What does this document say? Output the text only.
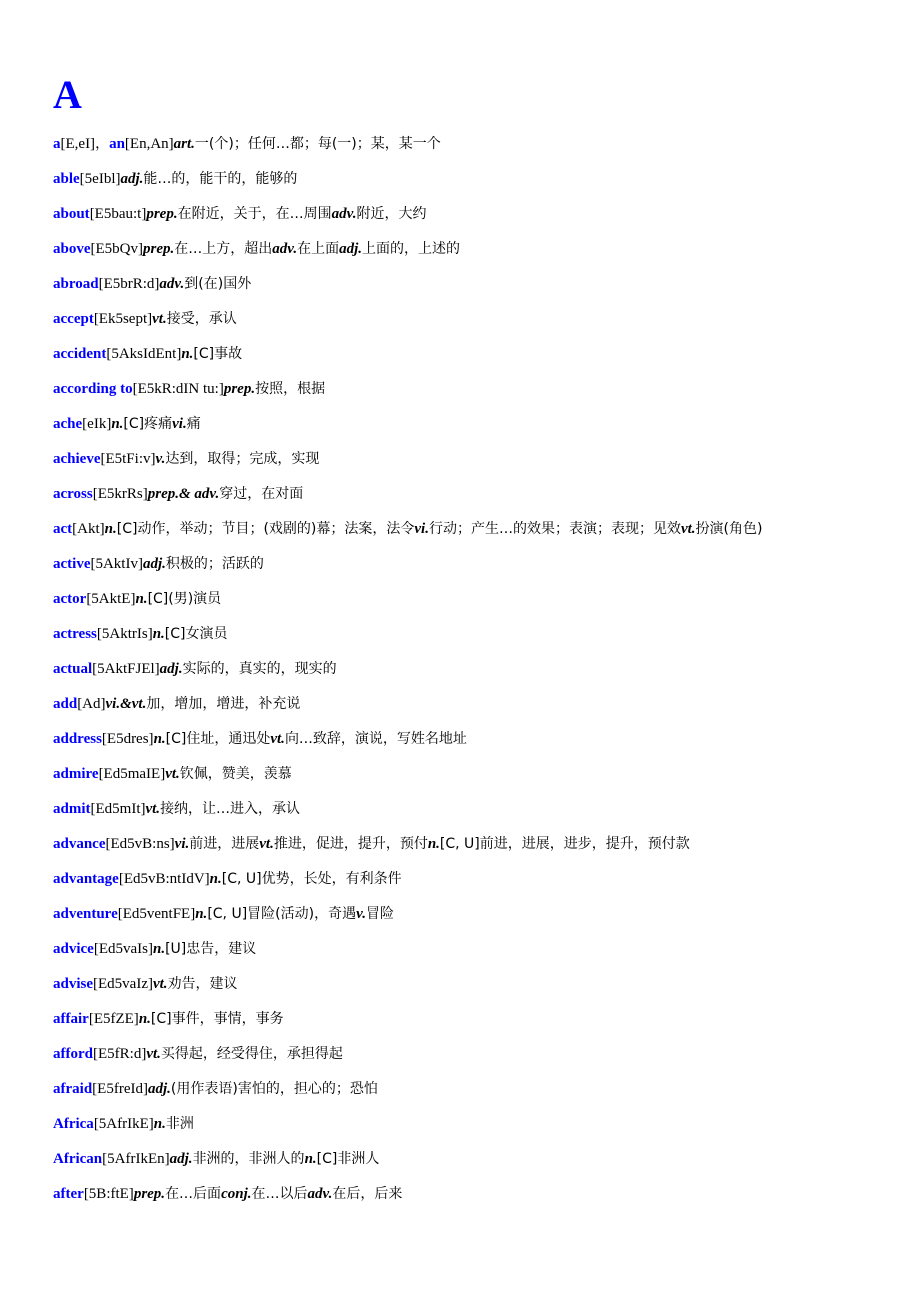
A
a[E,eI]，an[En,An]art.一(个)；任何…都；每(一)；某，某一个
able[5eIbl]adj.能…的，能干的，能够的
about[E5bau:t]prep.在附近，关于，在…周围adv.附近，大约
above[E5bQv]prep.在…上方，超出adv.在上面adj.上面的，上述的
abroad[E5brR:d]adv.到(在)国外
accept[Ek5sept]vt.接受，承认
accident[5AksIdEnt]n.[C]事故
according to[E5kR:dIN tu:]prep.按照，根据
ache[eIk]n.[C]疼痛vi.痛
achieve[E5tFi:v]v.达到，取得；完成，实现
across[E5krRs]prep.& adv.穿过，在对面
act[Akt]n.[C]动作，举动；节目；(戏剧的)幕；法案，法令vi.行动；产生…的效果；表演；表现；见效vt.扮演(角色)
active[5AktIv]adj.积极的；活跃的
actor[5AktE]n.[C](男)演员
actress[5AktrIs]n.[C]女演员
actual[5AktFJEl]adj.实际的，真实的，现实的
add[Ad]vi.&vt.加，增加，增进，补充说
address[E5dres]n.[C]住址，通迅处vt.向…致辞，演说，写姓名地址
admire[Ed5maIE]vt.钦佩，赞美，羡慕
admit[Ed5mIt]vt.接纳，让…进入，承认
advance[Ed5vB:ns]vi.前进，进展vt.推进，促进，提升，预付n.[C, U]前进，进展，进步，提升，预付款
advantage[Ed5vB:ntIdV]n.[C, U]优势，长处，有利条件
adventure[Ed5ventFE]n.[C, U]冒险(活动)，奇遇v.冒险
advice[Ed5vaIs]n.[U]忠告，建议
advise[Ed5vaIz]vt.劝告，建议
affair[E5fZE]n.[C]事件，事情，事务
afford[E5fR:d]vt.买得起，经受得住，承担得起
afraid[E5freId]adj.(用作表语)害怕的，担心的；恐怕
Africa[5AfrIkE]n.非洲
African[5AfrIkEn]adj.非洲的，非洲人的n.[C]非洲人
after[5B:ftE]prep.在…后面conj.在…以后adv.在后，后来
